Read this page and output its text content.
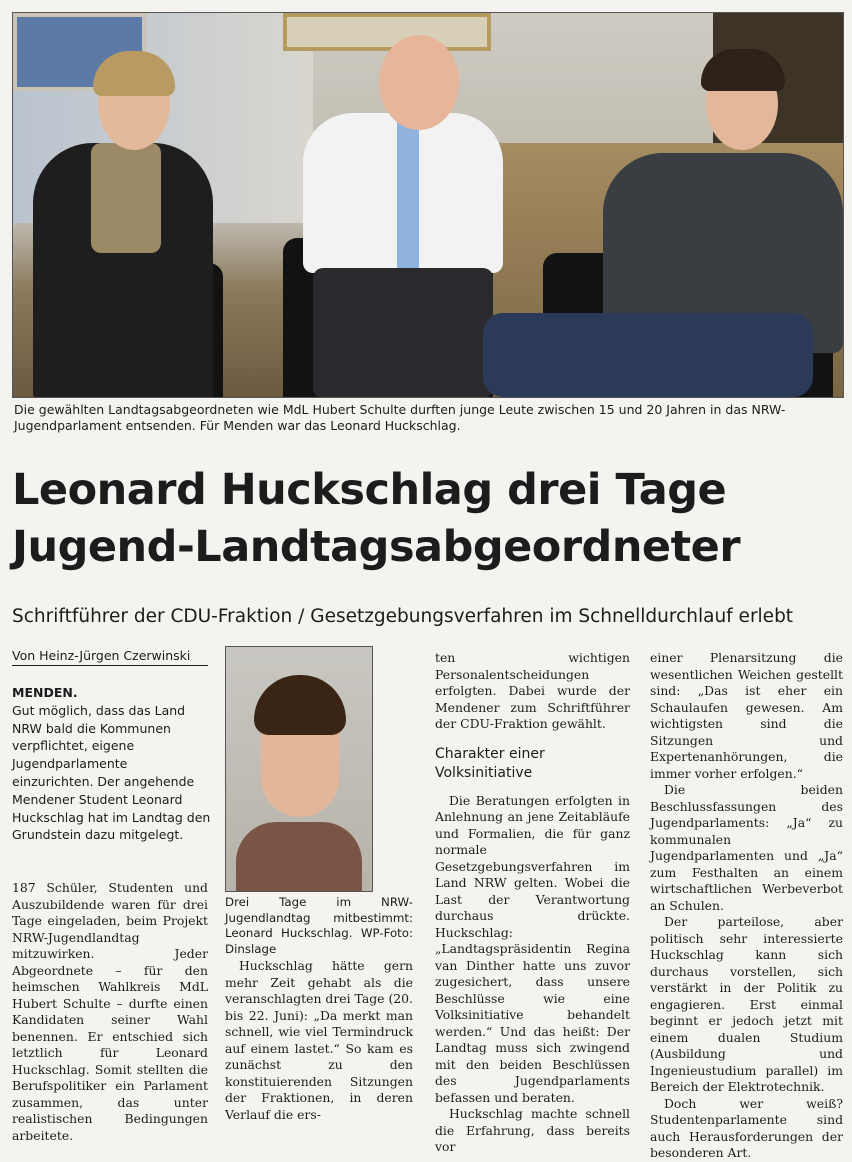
Die gewählten Landtagsabgeordneten wie MdL Hubert Schulte durften junge Leute zwischen 15 und 20 Jahren in das NRW-Jugendparlament entsenden. Für Menden war das Leonard Huckschlag.
Leonard Huckschlag drei Tage
Jugend-Landtagsabgeordneter
Schriftführer der CDU-Fraktion / Gesetzgebungsverfahren im Schnelldurchlauf erlebt
Von Heinz-Jürgen Czerwinski
MENDEN.
Gut möglich, dass das Land NRW bald die Kommunen verpflichtet, eigene Jugendparlamente einzurichten. Der angehende Mendener Student Leonard Huckschlag hat im Landtag den Grundstein dazu mitgelegt.

187 Schüler, Studenten und Auszubildende waren für drei Tage eingeladen, beim Projekt NRW-Jugendlandtag mitzuwirken. Jeder Abgeordnete – für den heimschen Wahlkreis MdL Hubert Schulte – durfte einen Kandidaten seiner Wahl benennen. Er entschied sich letztlich für Leonard Huckschlag. Somit stellten die Berufspolitiker ein Parlament zusammen, das unter realistischen Bedingungen arbeitete.

Drei Tage im NRW-Jugendlandtag mitbestimmt: Leonard Huckschlag. WP-Foto: Dinslage

Huckschlag hätte gern mehr Zeit gehabt als die veranschlagten drei Tage (20. bis 22. Juni): „Da merkt man schnell, wie viel Termindruck auf einem lastet.“ So kam es zunächst zu den konstituierenden Sitzungen der Fraktionen, in deren Verlauf die ers-

ten wichtigen Personalentscheidungen erfolgten. Dabei wurde der Mendener zum Schriftführer der CDU-Fraktion gewählt.

Charakter einer Volksinitiative

Die Beratungen erfolgten in Anlehnung an jene Zeitabläufe und Formalien, die für ganz normale Gesetzgebungsverfahren im Land NRW gelten. Wobei die Last der Verantwortung durchaus drückte. Huckschlag: „Landtagspräsidentin Regina van Dinther hatte uns zuvor zugesichert, dass unsere Beschlüsse wie eine Volksinitiative behandelt werden.“ Und das heißt: Der Landtag muss sich zwingend mit den beiden Beschlüssen des Jugendparlaments befassen und beraten.

Huckschlag machte schnell die Erfahrung, dass bereits vor

einer Plenarsitzung die wesentlichen Weichen gestellt sind: „Das ist eher ein Schaulaufen gewesen. Am wichtigsten sind die Sitzungen und Expertenanhörungen, die immer vorher erfolgen.“

Die beiden Beschlussfassungen des Jugendparlaments: „Ja“ zu kommunalen Jugendparlamenten und „Ja“ zum Festhalten an einem wirtschaftlichen Werbeverbot an Schulen.

Der parteilose, aber politisch sehr interessierte Huckschlag kann sich durchaus vorstellen, sich verstärkt in der Politik zu engagieren. Erst einmal beginnt er jedoch jetzt mit einem dualen Studium (Ausbildung und Ingenieustudium parallel) im Bereich der Elektrotechnik.

Doch wer weiß? Studentenparlamente sind auch Herausforderungen der besonderen Art.
